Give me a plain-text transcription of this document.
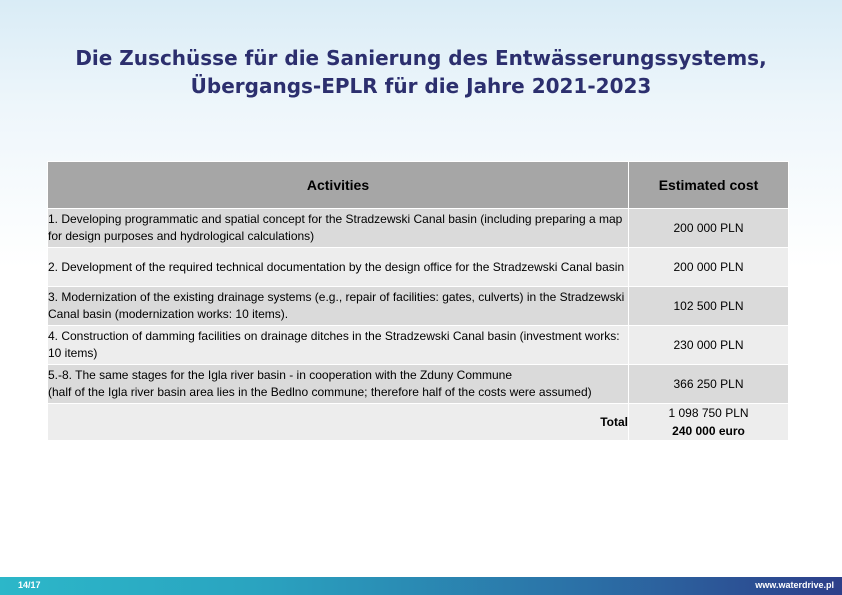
Die Zuschüsse für die Sanierung des Entwässerungssystems,
Übergangs-EPLR für die Jahre 2021-2023
Activities	Estimated cost
1. Developing programmatic and spatial concept for the Stradzewski Canal basin (including preparing a map for design purposes and hydrological calculations)	200 000 PLN
2. Development of the required technical documentation by the design office for the Stradzewski Canal basin	200 000 PLN
3. Modernization of the existing drainage systems (e.g., repair of facilities: gates, culverts) in the Stradzewski Canal basin (modernization works: 10 items).	102 500 PLN
4. Construction of damming facilities on drainage ditches in the Stradzewski Canal basin (investment works: 10 items)	230 000 PLN

5.-8. The same stages for the Igla river basin - in cooperation with the Zduny Commune
(half of the Igla river basin area lies in the Bedlno commune; therefore half of the costs were assumed)	366 250 PLN
Total	1 098 750 PLN
240 000 euro
14/17	www.waterdrive.pl
